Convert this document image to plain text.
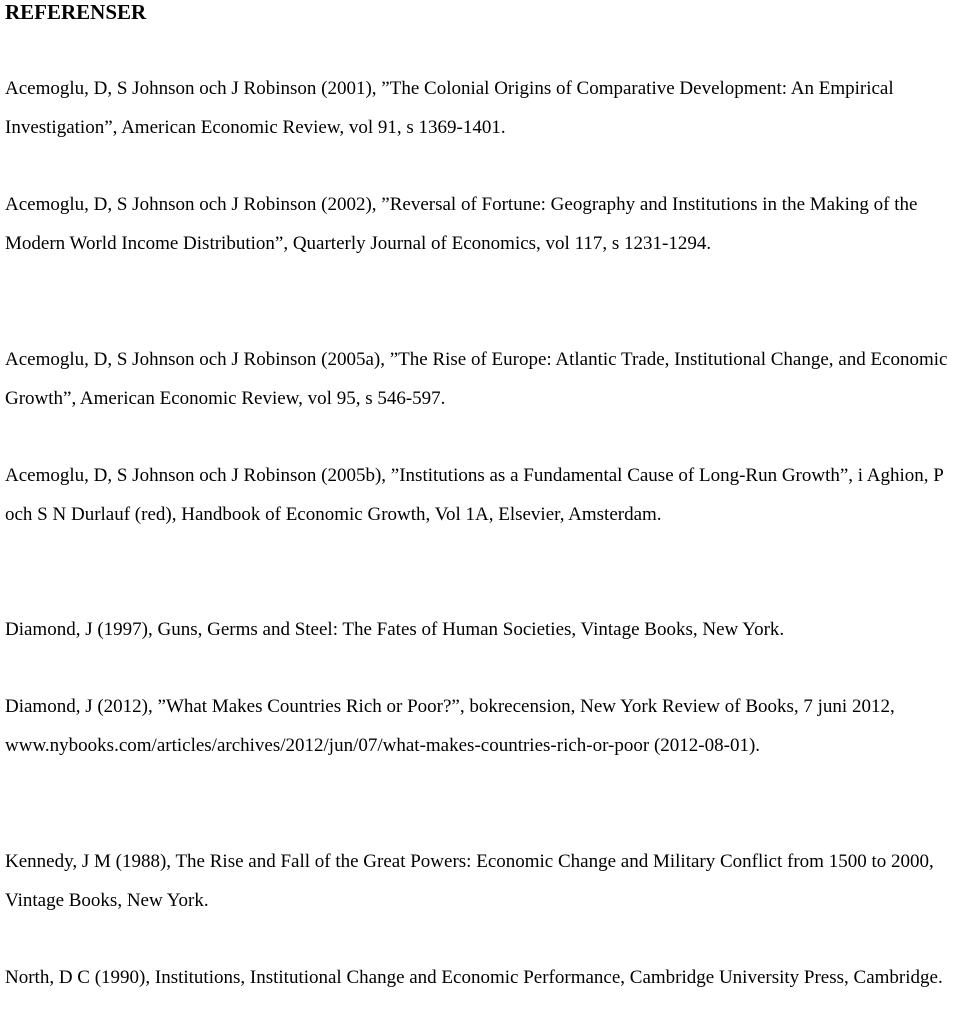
REFERENSER
Acemoglu, D, S Johnson och J Robinson (2001), ”The Colonial Origins of Comparative Development: An Empirical Investigation”, American Economic Review, vol 91, s 1369-1401.
Acemoglu, D, S Johnson och J Robinson (2002), ”Reversal of Fortune: Geography and Institutions in the Making of the Modern World Income Distribution”, Quarterly Journal of Economics, vol 117, s 1231-1294.
Acemoglu, D, S Johnson och J Robinson (2005a), ”The Rise of Europe: Atlantic Trade, Institutional Change, and Economic Growth”, American Economic Review, vol 95, s 546-597.
Acemoglu, D, S Johnson och J Robinson (2005b), ”Institutions as a Fundamental Cause of Long-Run Growth”, i Aghion, P och S N Durlauf (red), Handbook of Economic Growth, Vol 1A, Elsevier, Amsterdam.
Diamond, J (1997), Guns, Germs and Steel: The Fates of Human Societies, Vintage Books, New York.
Diamond, J (2012), ”What Makes Countries Rich or Poor?”, bokrecension, New York Review of Books, 7 juni 2012, www.nybooks.com/articles/archives/2012/jun/07/what-makes-countries-rich-or-poor (2012-08-01).
Kennedy, J M (1988), The Rise and Fall of the Great Powers: Economic Change and Military Conflict from 1500 to 2000, Vintage Books, New York.
North, D C (1990), Institutions, Institutional Change and Economic Performance, Cambridge University Press, Cambridge.
